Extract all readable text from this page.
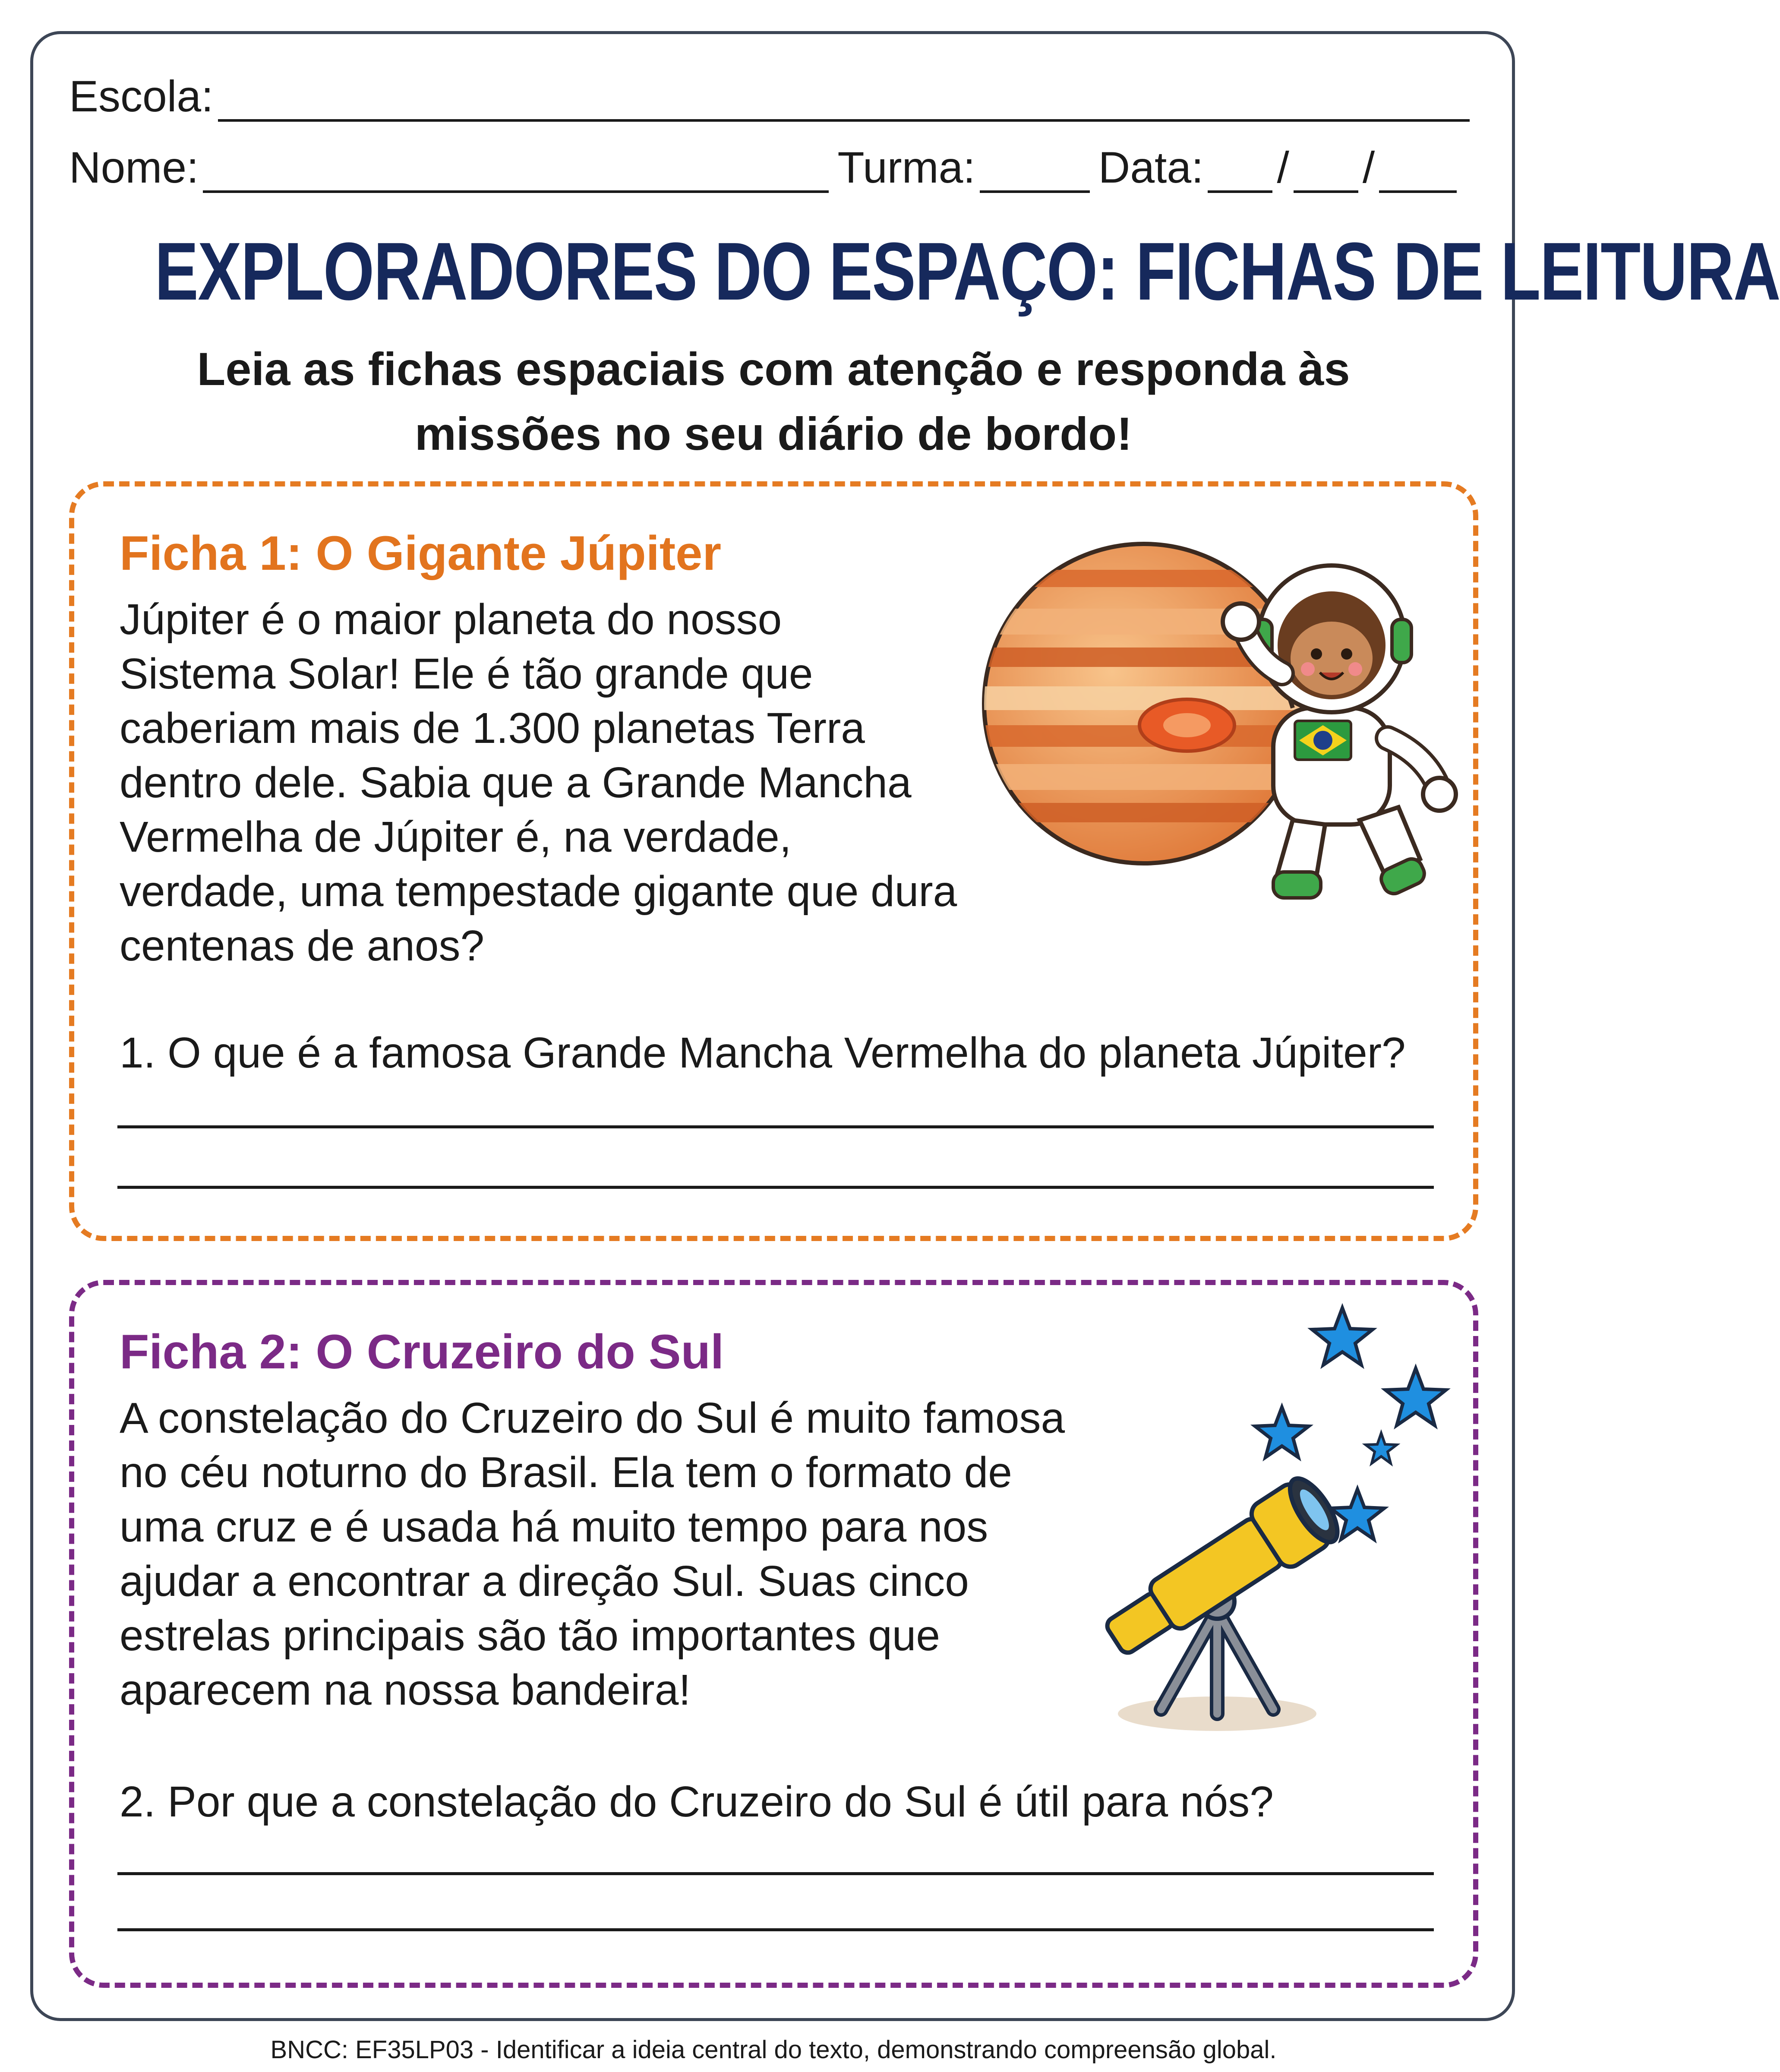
Escola:
Nome:	Turma:	Data: / /
EXPLORADORES DO ESPAÇO: FICHAS DE LEITURA
Leia as fichas espaciais com atenção e responda às
missões no seu diário de bordo!
Ficha 1: O Gigante Júpiter
Júpiter é o maior planeta do nosso
Sistema Solar! Ele é tão grande que
caberiam mais de 1.300 planetas Terra
dentro dele. Sabia que a Grande Mancha
Vermelha de Júpiter é, na verdade,
verdade, uma tempestade gigante que dura
centenas de anos?
1. O que é a famosa Grande Mancha Vermelha do planeta Júpiter?
Ficha 2: O Cruzeiro do Sul
A constelação do Cruzeiro do Sul é muito famosa
no céu noturno do Brasil. Ela tem o formato de
uma cruz e é usada há muito tempo para nos
ajudar a encontrar a direção Sul. Suas cinco
estrelas principais são tão importantes que
aparecem na nossa bandeira!
2. Por que a constelação do Cruzeiro do Sul é útil para nós?
BNCC: EF35LP03 - Identificar a ideia central do texto, demonstrando compreensão global.
